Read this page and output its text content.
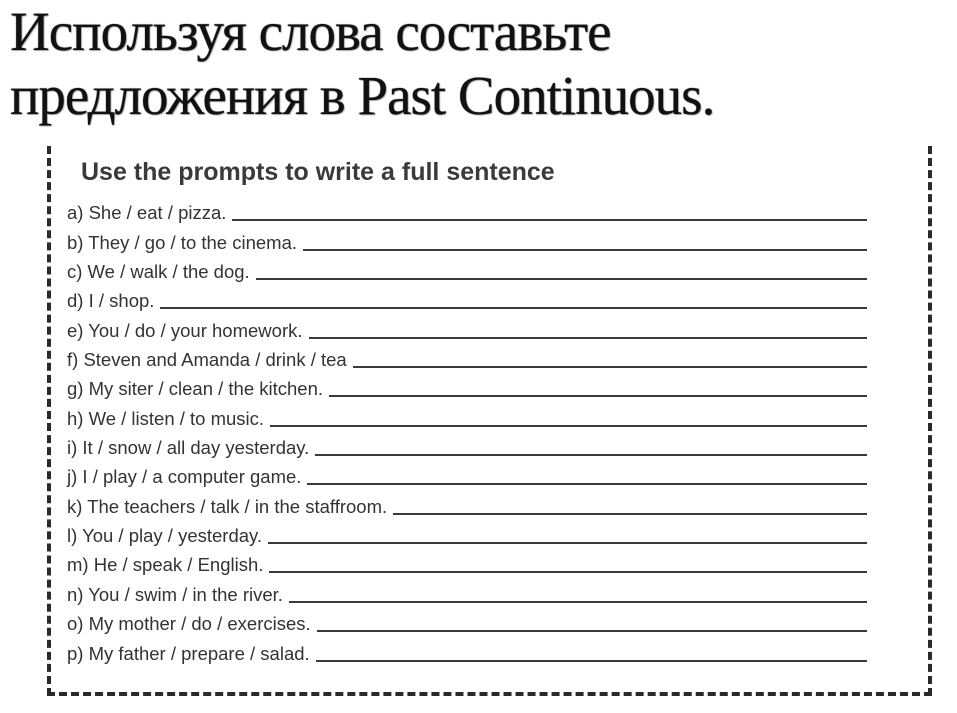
Используя слова составьте
предложения в Past Continuous.
Use the prompts to write a full sentence
a) She / eat / pizza.
b) They / go / to the cinema.
c) We / walk / the dog.
d) I / shop.
e) You / do / your homework.
f) Steven and Amanda / drink / tea
g) My siter / clean / the kitchen.
h) We / listen / to music.
i) It / snow / all day yesterday.
j) I / play / a computer game.
k) The teachers / talk / in the staffroom.
l) You / play / yesterday.
m) He / speak / English.
n) You / swim / in the river.
o) My mother / do / exercises.
p) My father / prepare / salad.
